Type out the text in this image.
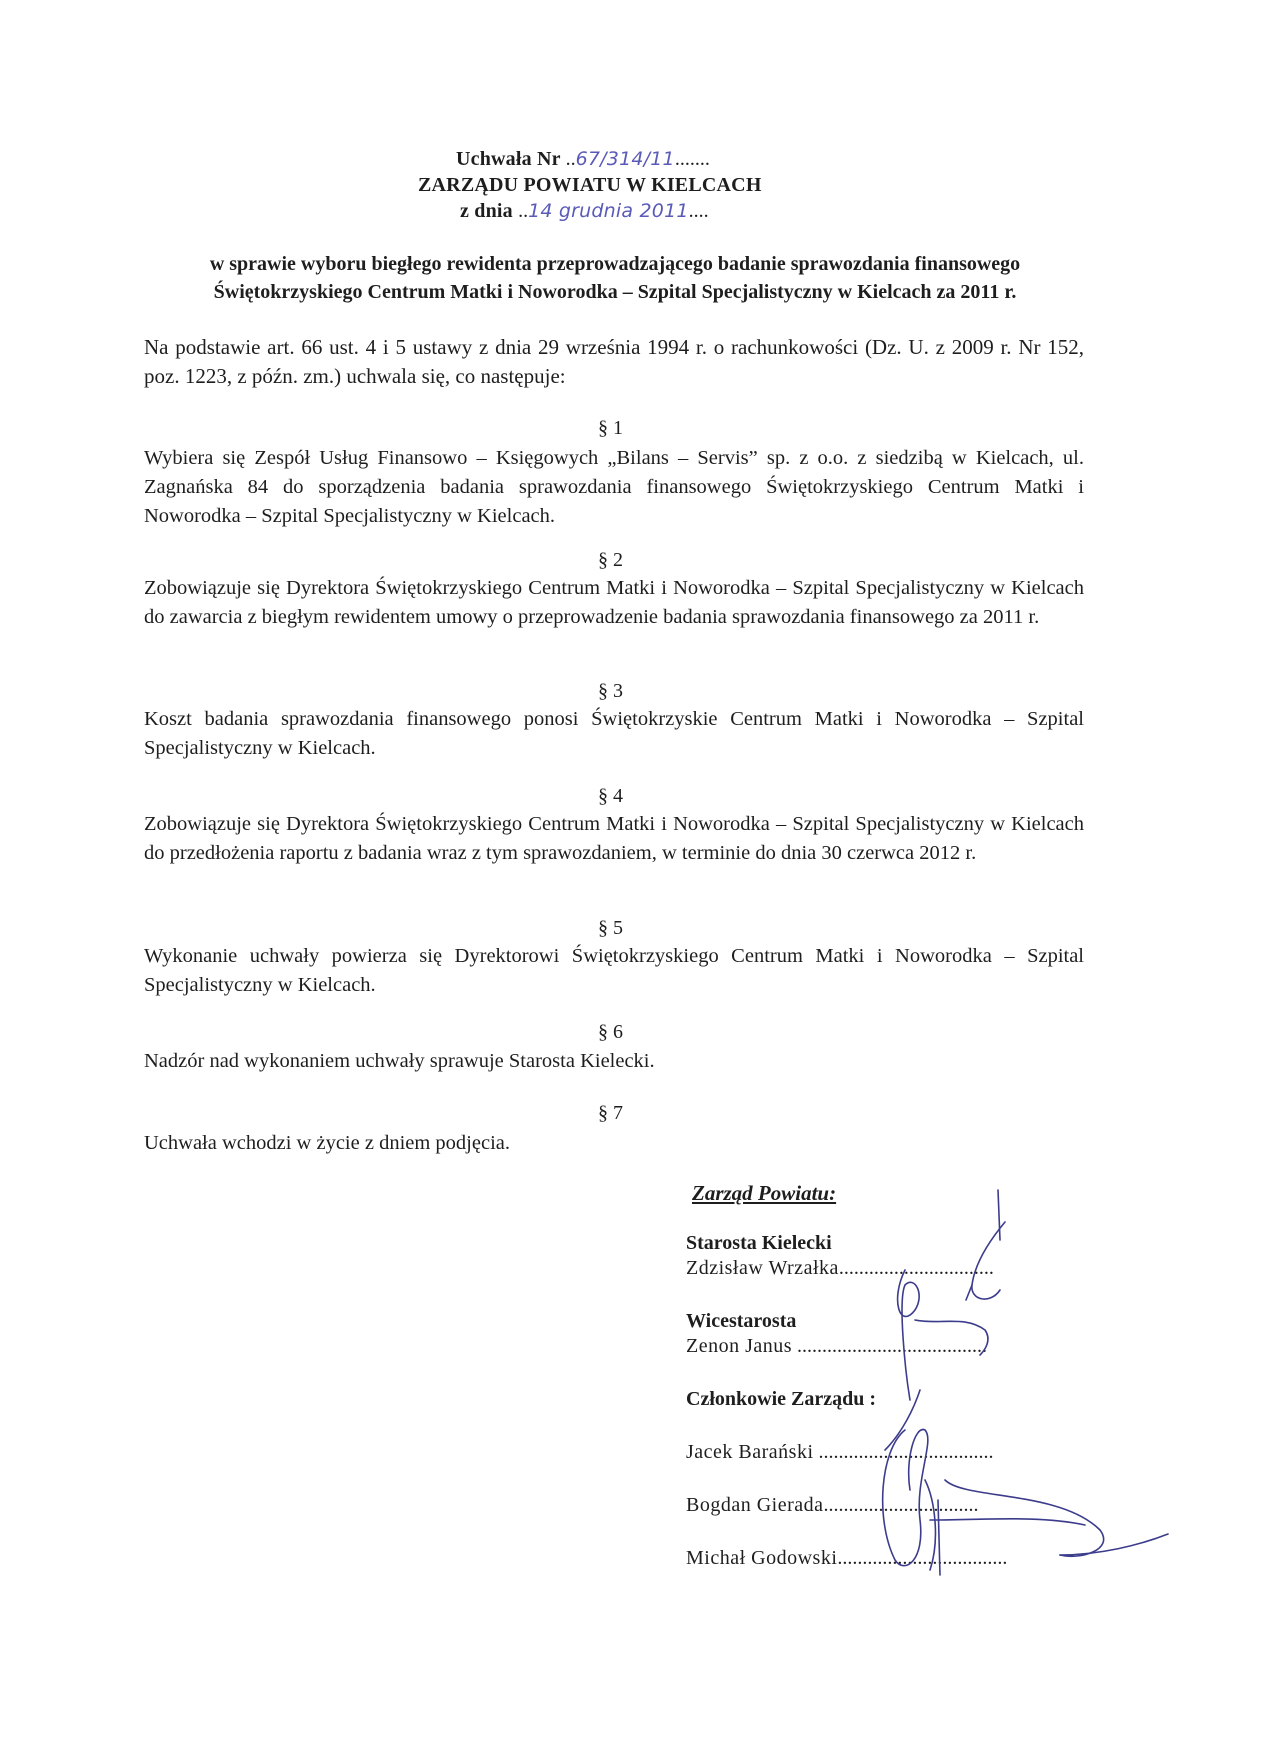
Uchwała Nr ..67/314/11.......
ZARZĄDU POWIATU W KIELCACH
z dnia ..14 grudnia 2011....
w sprawie wyboru biegłego rewidenta przeprowadzającego badanie sprawozdania finansowego
Świętokrzyskiego Centrum Matki i Noworodka – Szpital Specjalistyczny w Kielcach za 2011 r.
Na podstawie art. 66 ust. 4 i 5 ustawy z dnia 29 września 1994 r. o rachunkowości (Dz. U. z 2009 r. Nr 152, poz. 1223, z późn. zm.) uchwala się, co następuje:
§ 1
Wybiera się Zespół Usług Finansowo – Księgowych „Bilans – Servis” sp. z o.o. z siedzibą w Kielcach, ul. Zagnańska 84 do sporządzenia badania sprawozdania finansowego Świętokrzyskiego Centrum Matki i Noworodka – Szpital Specjalistyczny w Kielcach.
§ 2
Zobowiązuje się Dyrektora Świętokrzyskiego Centrum Matki i Noworodka – Szpital Specjalistyczny w Kielcach do zawarcia z biegłym rewidentem umowy o przeprowadzenie badania sprawozdania finansowego za 2011 r.
§ 3
Koszt badania sprawozdania finansowego ponosi Świętokrzyskie Centrum Matki i Noworodka – Szpital Specjalistyczny w Kielcach.
§ 4
Zobowiązuje się Dyrektora Świętokrzyskiego Centrum Matki i Noworodka – Szpital Specjalistyczny w Kielcach do przedłożenia raportu z badania wraz z tym sprawozdaniem, w terminie do dnia 30 czerwca 2012 r.
§ 5
Wykonanie uchwały powierza się Dyrektorowi Świętokrzyskiego Centrum Matki i Noworodka – Szpital Specjalistyczny w Kielcach.
§ 6
Nadzór nad wykonaniem uchwały sprawuje Starosta Kielecki.
§ 7
Uchwała wchodzi w życie z dniem podjęcia.
Zarząd Powiatu:
Starosta Kielecki
Zdzisław Wrzałka...............................
Wicestarosta
Zenon Janus ......................................
Członkowie Zarządu :
Jacek Barański ...................................
Bogdan Gierada...............................
Michał Godowski..................................
